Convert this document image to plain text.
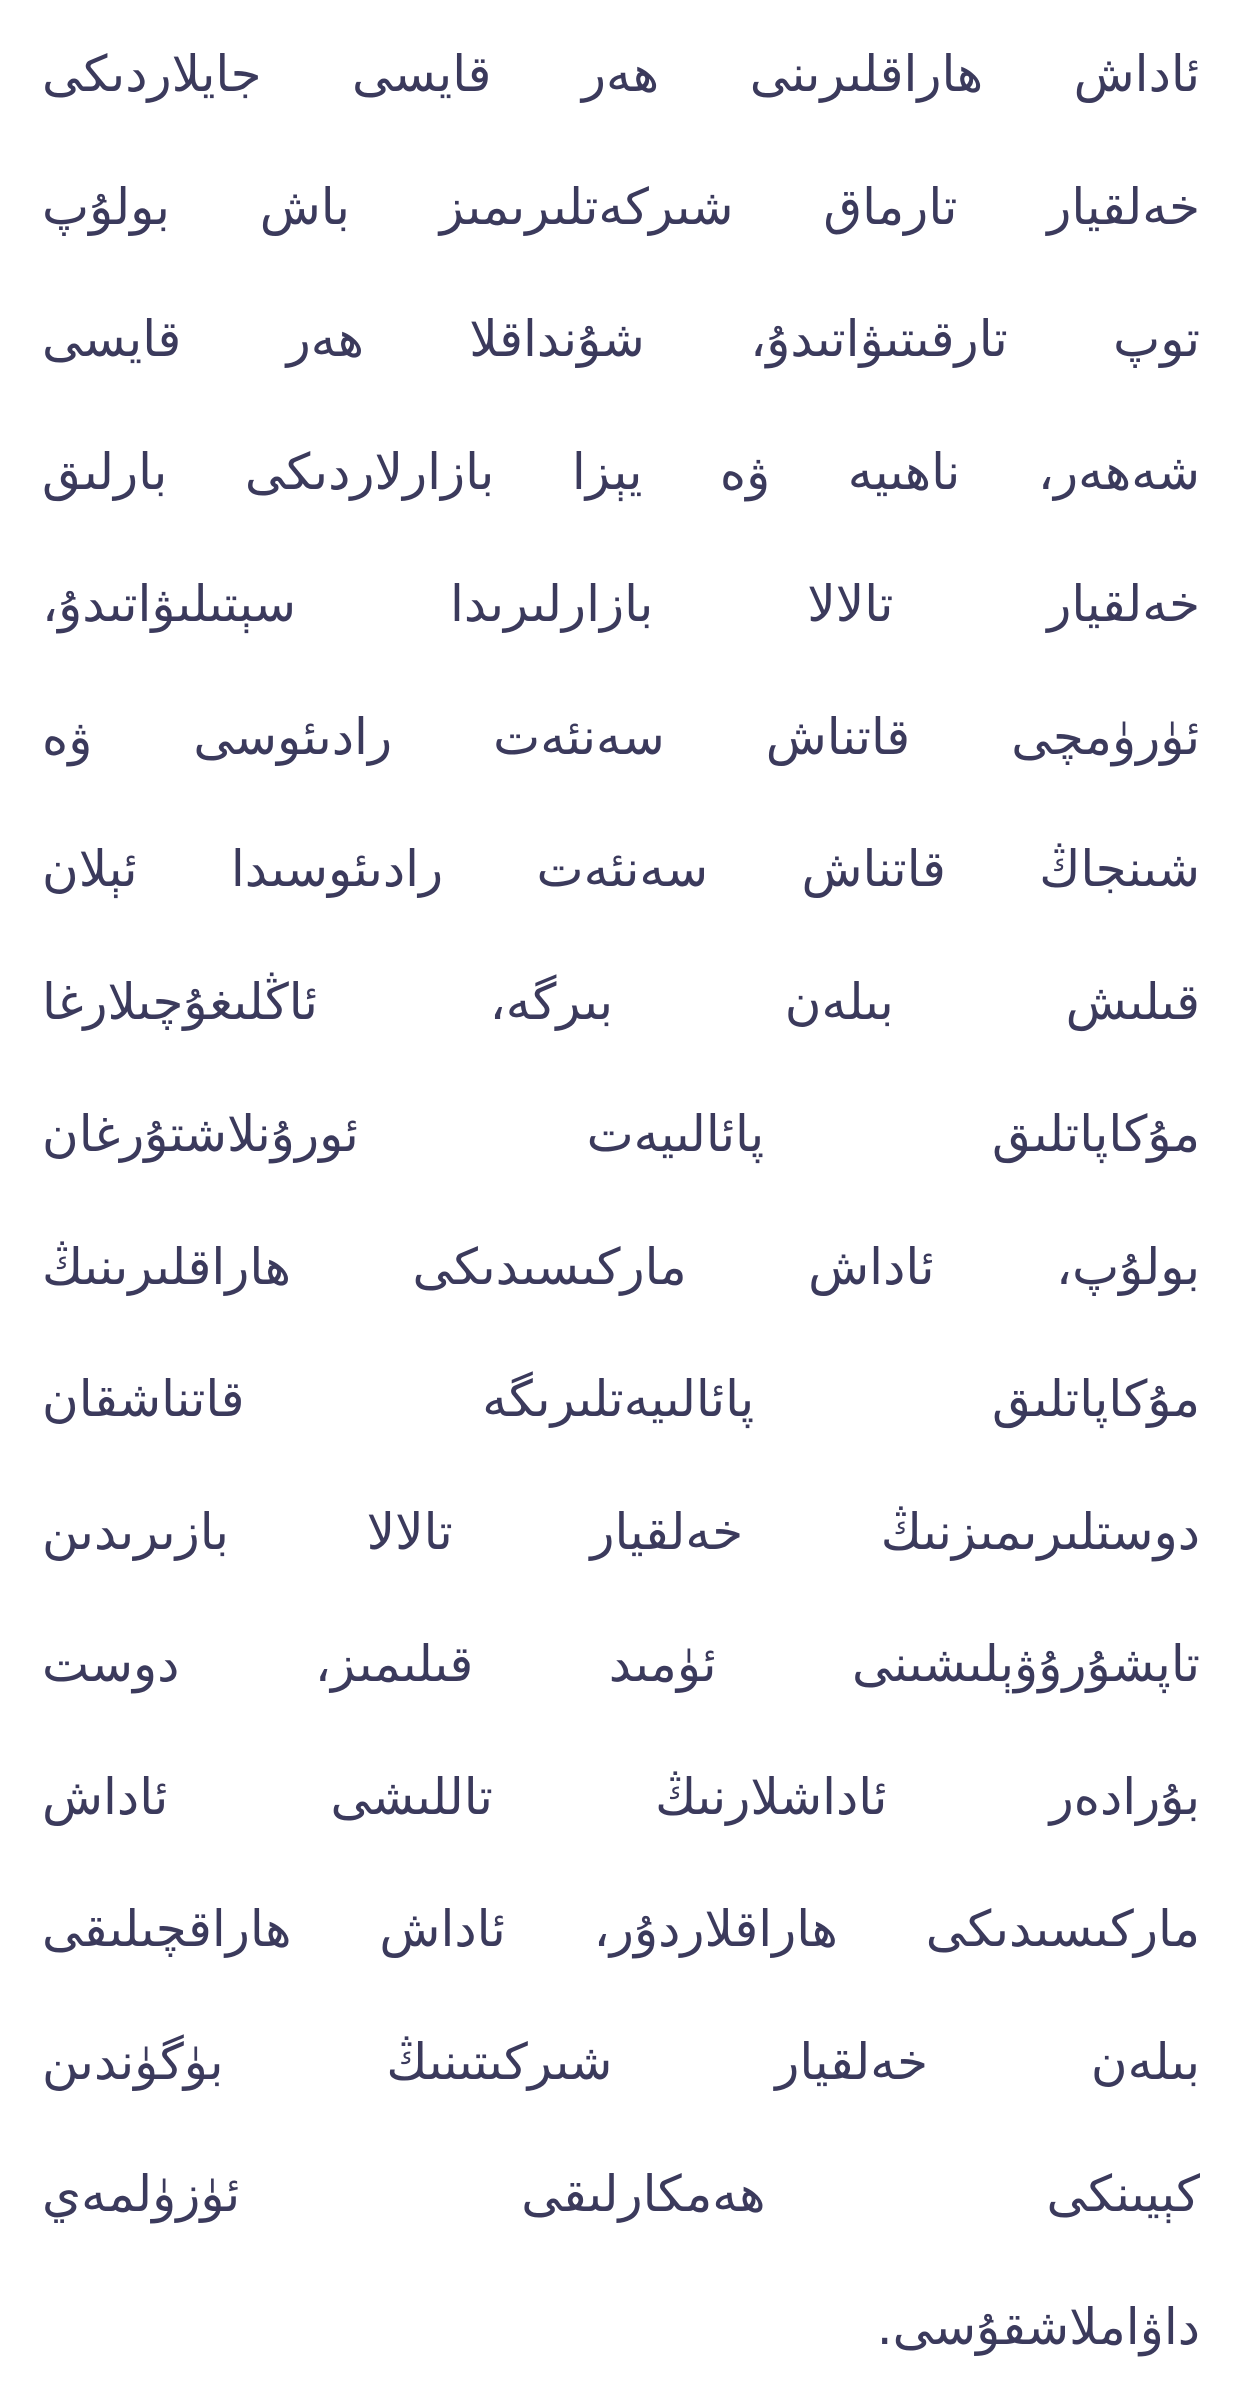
ئاداش هاراقلىرىنى ھەر قايسى جايلاردىكى
خەلقيار تارماق شىركەتلىرىمىز باش بولۇپ
توپ تارقىتىۋاتىدۇ، شۇنداقلا ھەر قايسى
شەھەر، ناھىيە ۋە يېزا بازارلاردىكى بارلىق
خەلقيار تالالا بازارلىرىدا سېتىلىۋاتىدۇ،
ئۈرۈمچى قاتناش سەنئەت رادىئوسى ۋە
شىنجاڭ قاتناش سەنئەت رادىئوسىدا ئېلان
قىلىش بىلەن بىرگە، ئاڭلىغۇچىلارغا
مۇكاپاتلىق پائالىيەت ئورۇنلاشتۇرغان
بولۇپ، ئاداش ماركىسىدىكى هاراقلىرىنىڭ
مۇكاپاتلىق پائالىيەتلىرىگە قاتناشقان
دوستلىرىمىزنىڭ خەلقيار تالالا بازىرىدىن
تاپشۇرۇۋېلىشىنى ئۈمىد قىلىمىز، دوست
بۇرادەر ئاداشلارنىڭ تاللىشى ئاداش
ماركىسىدىكى هاراقلاردۇر، ئاداش هاراقچىلىقى
بىلەن خەلقيار شىركىتىنىڭ بۈگۈندىن
كېيىنكى ھەمكارلىقى ئۈزۈلمەي
داۋاملاشقۇسى.
